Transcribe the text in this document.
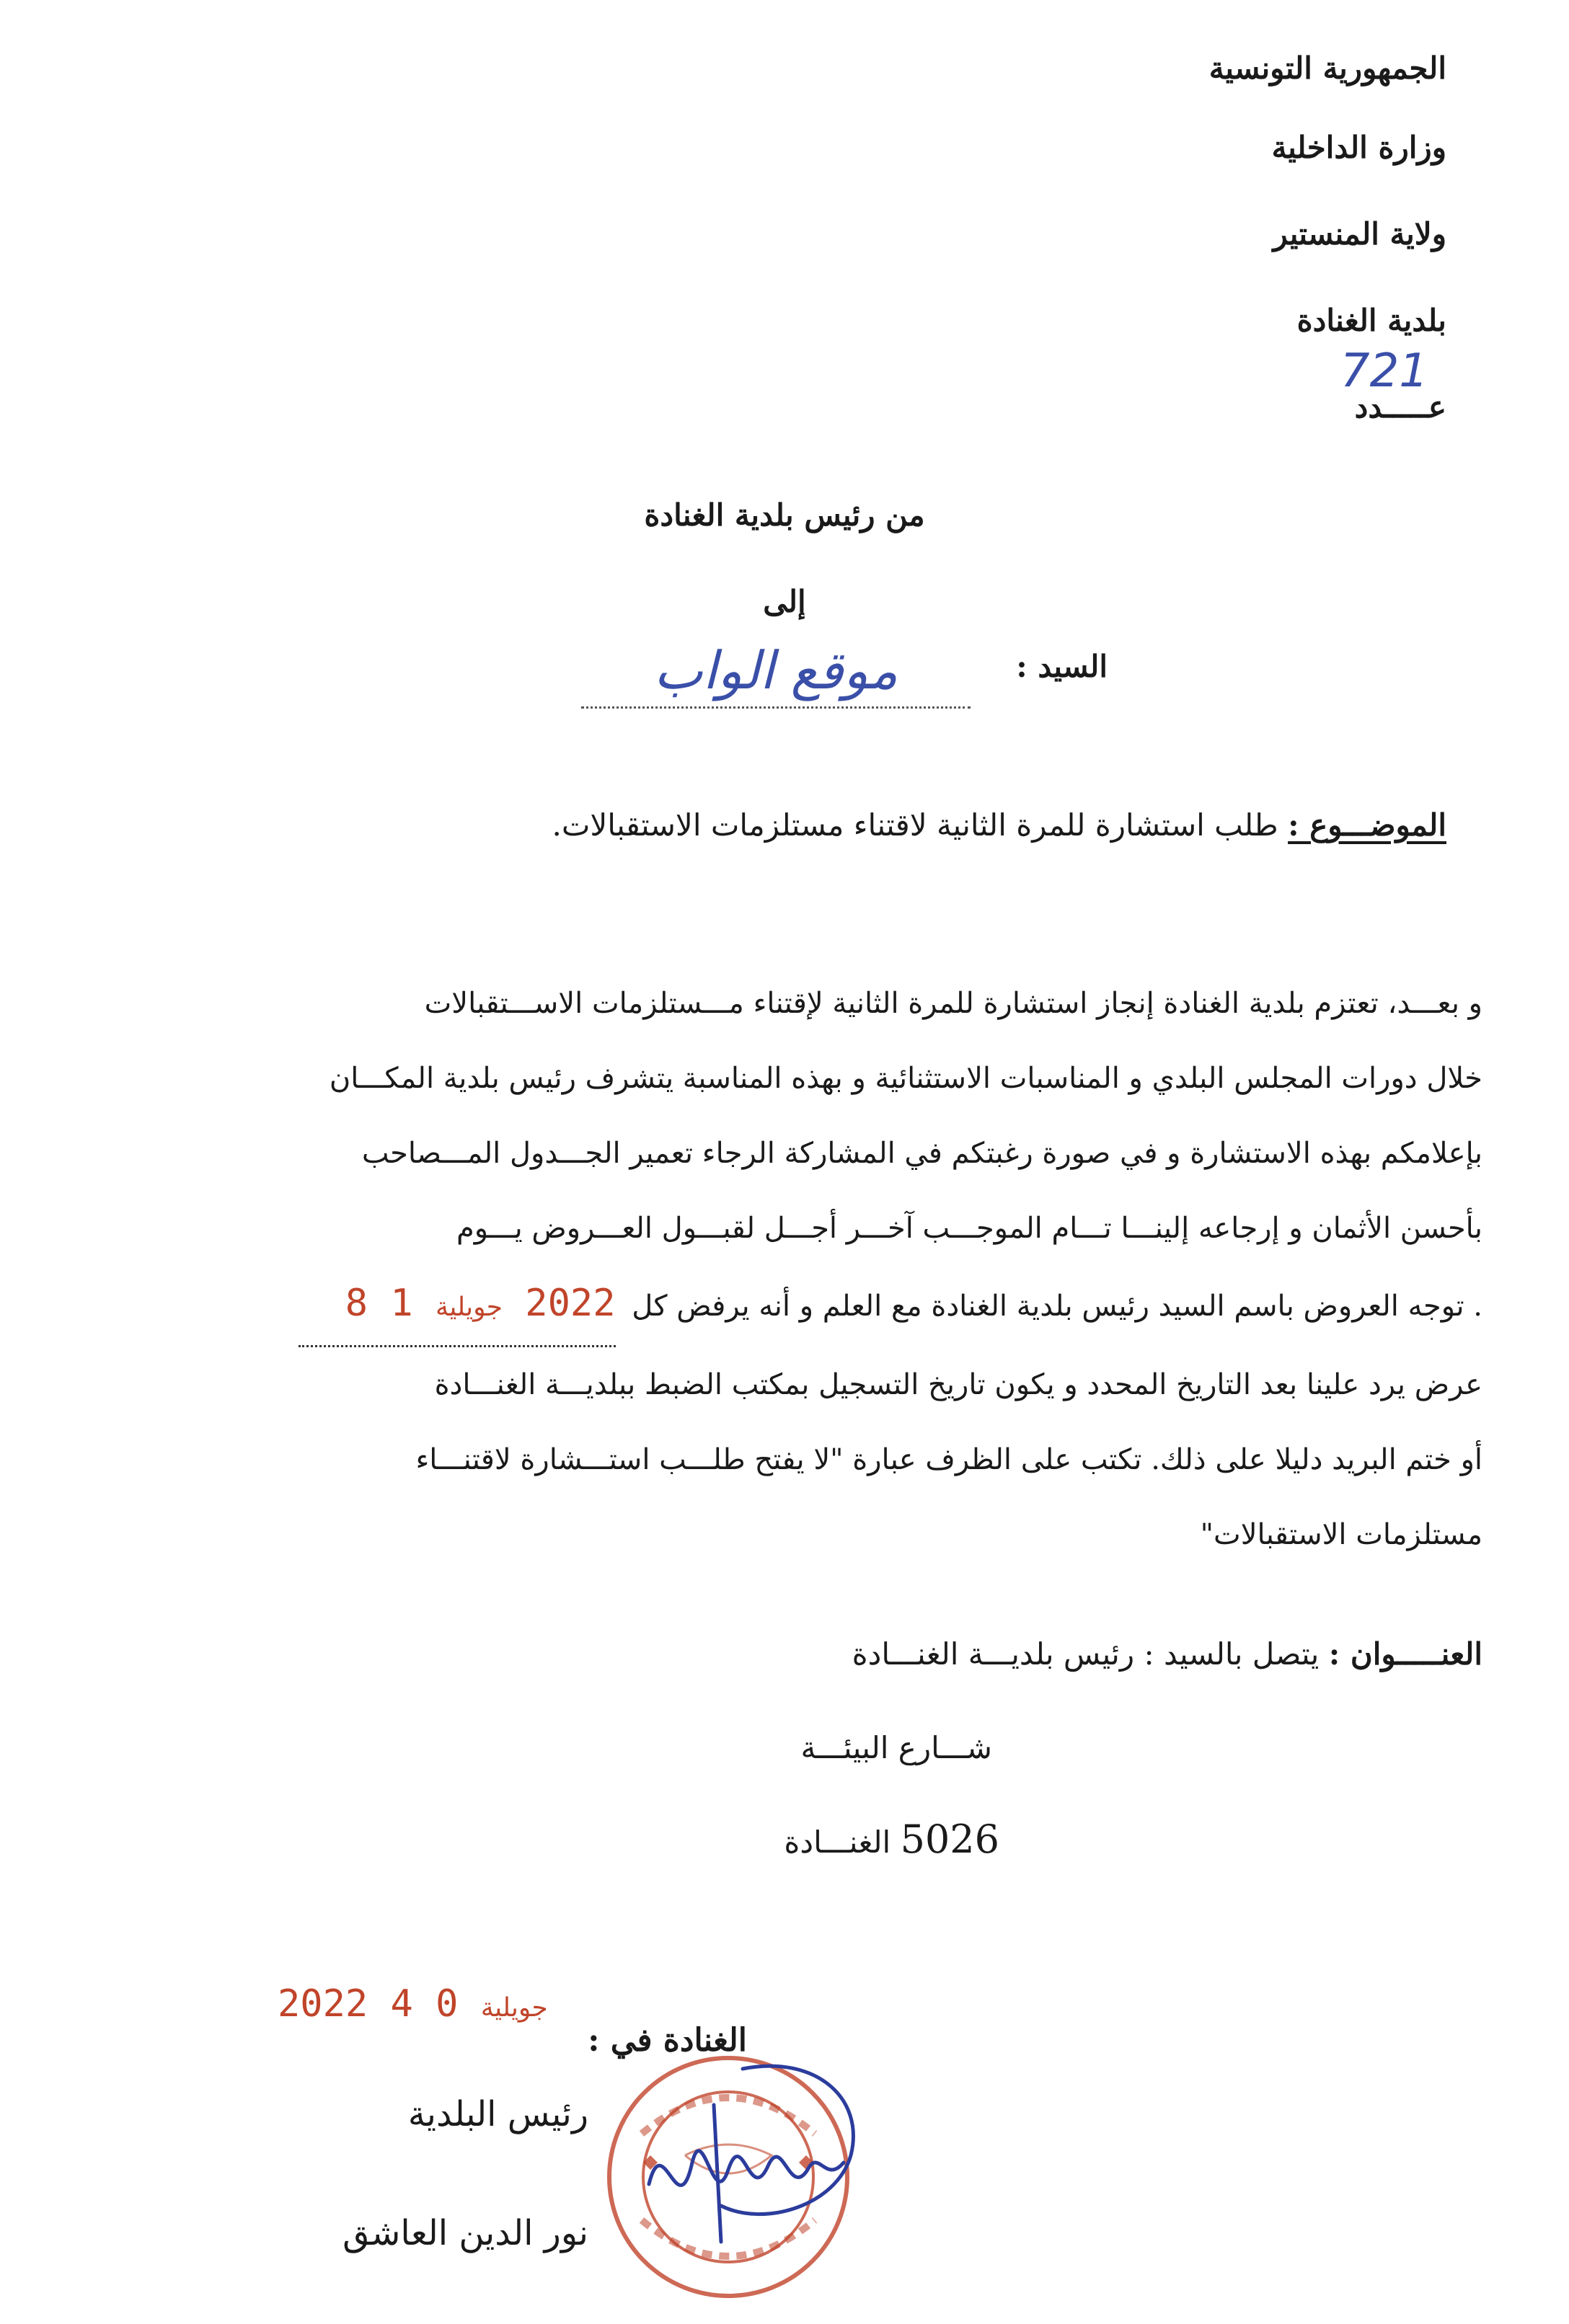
الجمهورية التونسية
وزارة الداخلية
ولاية المنستير
بلدية الغنادة
عـــــدد
721
من رئيس بلدية الغنادة
إلى
السيد :
موقع الواب
الموضـــوع : طلب استشارة للمرة الثانية لاقتناء مستلزمات الاستقبالات.

و بعـــد، تعتزم بلدية الغنادة إنجاز استشارة للمرة الثانية لإقتناء مـــستلزمات الاســـتقبالات

خلال دورات المجلس البلدي و المناسبات الاستثنائية و بهذه المناسبة يتشرف رئيس بلدية المكـــان

بإعلامكم بهذه الاستشارة و في صورة رغبتكم في المشاركة الرجاء تعمير الجـــدول المـــصاحب

بأحسن الأثمان و إرجاعه إلينـــا تـــام الموجـــب آخـــر أجـــل لقبـــول العـــروض يـــوم

. توجه العروض باسم السيد رئيس بلدية الغنادة مع العلم و أنه يرفض كل 2022 جويلية 1 8

عرض يرد علينا بعد التاريخ المحدد و يكون تاريخ التسجيل بمكتب الضبط ببلديـــة الغنـــادة

أو ختم البريد دليلا على ذلك. تكتب على الظرف عبارة "لا يفتح طلـــب استـــشارة لاقتنـــاء

مستلزمات الاستقبالات"

العنـــــوان : يتصل بالسيد : رئيس بلديـــة الغنـــادة
شـــارع البيئـــة
5026 الغنـــادة
2022	جويلية 0 4
الغنادة في :
رئيس البلدية
نور الدين العاشق
